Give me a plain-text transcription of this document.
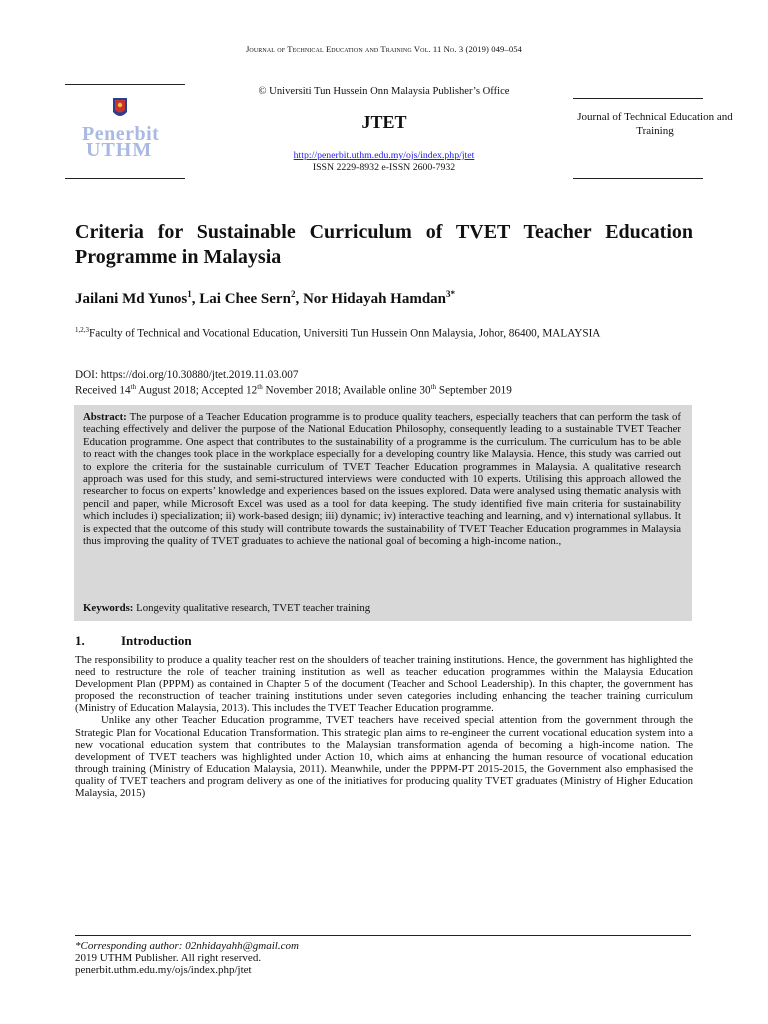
Journal of Technical Education and Training Vol. 11 No. 3 (2019) 049–054
Penerbit
UTHM
© Universiti Tun Hussein Onn Malaysia Publisher’s Office
JTET
http://penerbit.uthm.edu.my/ojs/index.php/jtet
ISSN 2229-8932 e-ISSN 2600-7932
Journal of Technical Education and Training
Criteria for Sustainable Curriculum of TVET Teacher Education Programme in Malaysia
Jailani Md Yunos$^1$, Lai Chee Sern$^2$, Nor Hidayah Hamdan$^{3*}$
$^{1,2,3}$Faculty of Technical and Vocational Education, Universiti Tun Hussein Onn Malaysia, Johor, 86400, MALAYSIA
DOI: https://doi.org/10.30880/jtet.2019.11.03.007
Received 14th August 2018; Accepted 12th November 2018; Available online 30th September 2019
Abstract: The purpose of a Teacher Education programme is to produce quality teachers, especially teachers that can perform the task of teaching effectively and deliver the purpose of the National Education Philosophy, consequently leading to a sustainable TVET Teacher Education programme. One aspect that contributes to the sustainability of a programme is the curriculum. The curriculum has to be able to react with the changes took place in the workplace especially for a developing country like Malaysia. Hence, this study was carried out to explore the criteria for the sustainable curriculum of TVET Teacher Education programmes in Malaysia. A qualitative research approach was used for this study, and semi-structured interviews were conducted with 10 experts. Utilising this approach allowed the researcher to focus on experts’ knowledge and experiences based on the issues explored. Data were analysed using thematic analysis with pencil and paper, while Microsoft Excel was used as a tool for data keeping. The study identified five main criteria for sustainability which includes i) specialization; ii) work-based design; iii) dynamic; iv) interactive teaching and learning, and v) international syllabus. It is expected that the outcome of this study will contribute towards the sustainability of TVET Teacher Education programmes in Malaysia thus improving the quality of TVET graduates to achieve the national goal of becoming a high-income nation.,
Keywords: Longevity qualitative research, TVET teacher training
1.	Introduction

The responsibility to produce a quality teacher rest on the shoulders of teacher training institutions. Hence, the government has highlighted the need to restructure the role of teacher training institution as well as teacher education programmes within the Malaysia Education Development Plan (PPPM) as contained in Chapter 5 of the document (Teacher and School Leadership). In this chapter, the government has proposed the reconstruction of teacher training institutions under seven categories including enhancing the teacher training curriculum (Ministry of Education Malaysia, 2013). This includes the TVET Teacher Education programme.

Unlike any other Teacher Education programme, TVET teachers have received special attention from the government through the Strategic Plan for Vocational Education Transformation. This strategic plan aims to re-engineer the current vocational education system into a new vocational education system that contributes to the Malaysian transformation agenda of becoming a high-income nation. The development of TVET teachers was highlighted under Action 10, which aims at enhancing the human resource of vocational education through training (Ministry of Education Malaysia, 2011). Meanwhile, under the PPPM-PT 2015-2015, the Government also emphasised the quality of TVET teachers and program delivery as one of the initiatives for producing quality TVET graduates (Ministry of Higher Education Malaysia, 2015)

*Corresponding author: 02nhidayahh@gmail.com
2019 UTHM Publisher. All right reserved.
penerbit.uthm.edu.my/ojs/index.php/jtet
